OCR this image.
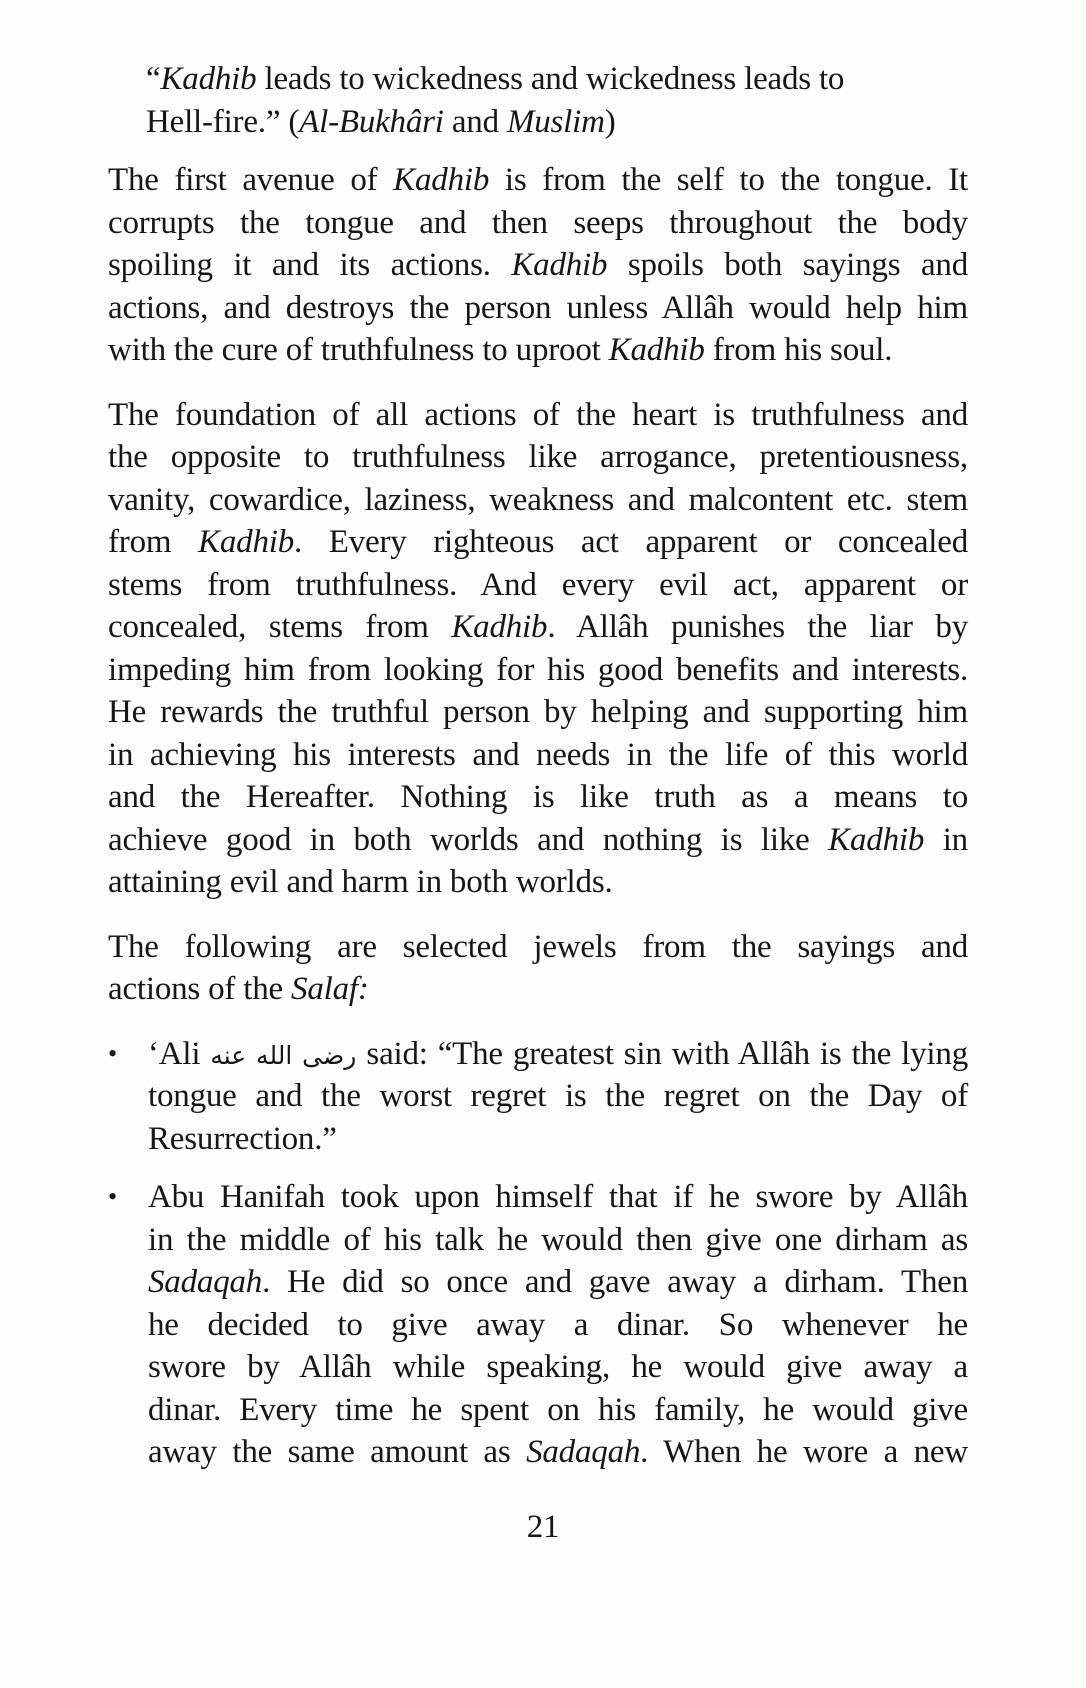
“Kadhib leads to wickedness and wickedness leads to
Hell-fire.” (Al-Bukhâri and Muslim)
The first avenue of Kadhib is from the self to the tongue. It
corrupts the tongue and then seeps throughout the body
spoiling it and its actions. Kadhib spoils both sayings and
actions, and destroys the person unless Allâh would help him
with the cure of truthfulness to uproot Kadhib from his soul.
The foundation of all actions of the heart is truthfulness and
the opposite to truthfulness like arrogance, pretentiousness,
vanity, cowardice, laziness, weakness and malcontent etc. stem
from Kadhib. Every righteous act apparent or concealed
stems from truthfulness. And every evil act, apparent or
concealed, stems from Kadhib. Allâh punishes the liar by
impeding him from looking for his good benefits and interests.
He rewards the truthful person by helping and supporting him
in achieving his interests and needs in the life of this world
and the Hereafter. Nothing is like truth as a means to
achieve good in both worlds and nothing is like Kadhib in
attaining evil and harm in both worlds.
The following are selected jewels from the sayings and
actions of the Salaf:
• ‘Ali رضى الله عنه said: “The greatest sin with Allâh is the lying
tongue and the worst regret is the regret on the Day of
Resurrection.”
• Abu Hanifah took upon himself that if he swore by Allâh
in the middle of his talk he would then give one dirham as
Sadaqah. He did so once and gave away a dirham. Then
he decided to give away a dinar. So whenever he
swore by Allâh while speaking, he would give away a
dinar. Every time he spent on his family, he would give
away the same amount as Sadaqah. When he wore a new
21
